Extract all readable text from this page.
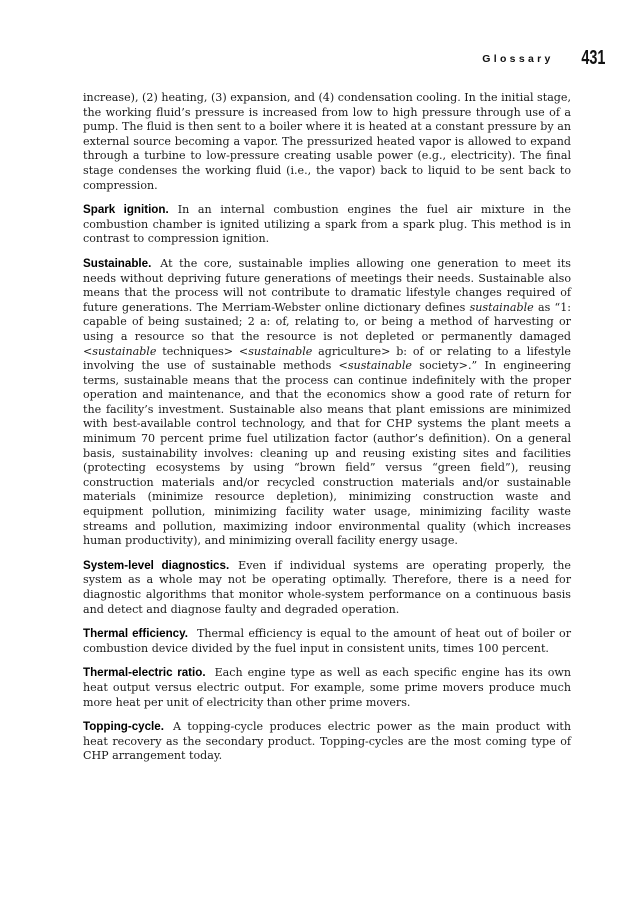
Glossary 431

increase), (2) heating, (3) expansion, and (4) condensation cooling. In the initial stage, the working fluid’s pressure is increased from low to high pressure through use of a pump. The fluid is then sent to a boiler where it is heated at a constant pressure by an external source becoming a vapor. The pressurized heated vapor is allowed to expand through a turbine to low-pressure creating usable power (e.g., electricity). The final stage condenses the working fluid (i.e., the vapor) back to liquid to be sent back to compression.

Spark ignition. In an internal combustion engines the fuel air mixture in the combustion chamber is ignited utilizing a spark from a spark plug. This method is in contrast to compression ignition.

Sustainable. At the core, sustainable implies allowing one generation to meet its needs without depriving future generations of meetings their needs. Sustainable also means that the process will not contribute to dramatic lifestyle changes required of future generations. The Merriam-Webster online dictionary defines sustainable as “1: capable of being sustained; 2 a: of, relating to, or being a method of harvesting or using a resource so that the resource is not depleted or permanently damaged <sustainable techniques> <sustainable agriculture> b: of or relating to a lifestyle involving the use of sustainable methods <sustainable society>.” In engineering terms, sustainable means that the process can continue indefinitely with the proper operation and maintenance, and that the economics show a good rate of return for the facility’s investment. Sustainable also means that plant emissions are minimized with best-available control technology, and that for CHP systems the plant meets a minimum 70 percent prime fuel utilization factor (author’s definition). On a general basis, sustainability involves: cleaning up and reusing existing sites and facilities (protecting ecosystems by using “brown field” versus “green field”), reusing construction materials and/or recycled construction materials and/or sustainable materials (minimize resource depletion), minimizing construction waste and equipment pollution, minimizing facility water usage, minimizing facility waste streams and pollution, maximizing indoor environmental quality (which increases human productivity), and minimizing overall facility energy usage.

System-level diagnostics. Even if individual systems are operating properly, the system as a whole may not be operating optimally. Therefore, there is a need for diagnostic algorithms that monitor whole-system performance on a continuous basis and detect and diagnose faulty and degraded operation.

Thermal efficiency. Thermal efficiency is equal to the amount of heat out of boiler or combustion device divided by the fuel input in consistent units, times 100 percent.

Thermal-electric ratio. Each engine type as well as each specific engine has its own heat output versus electric output. For example, some prime movers produce much more heat per unit of electricity than other prime movers.

Topping-cycle. A topping-cycle produces electric power as the main product with heat recovery as the secondary product. Topping-cycles are the most coming type of CHP arrangement today.
